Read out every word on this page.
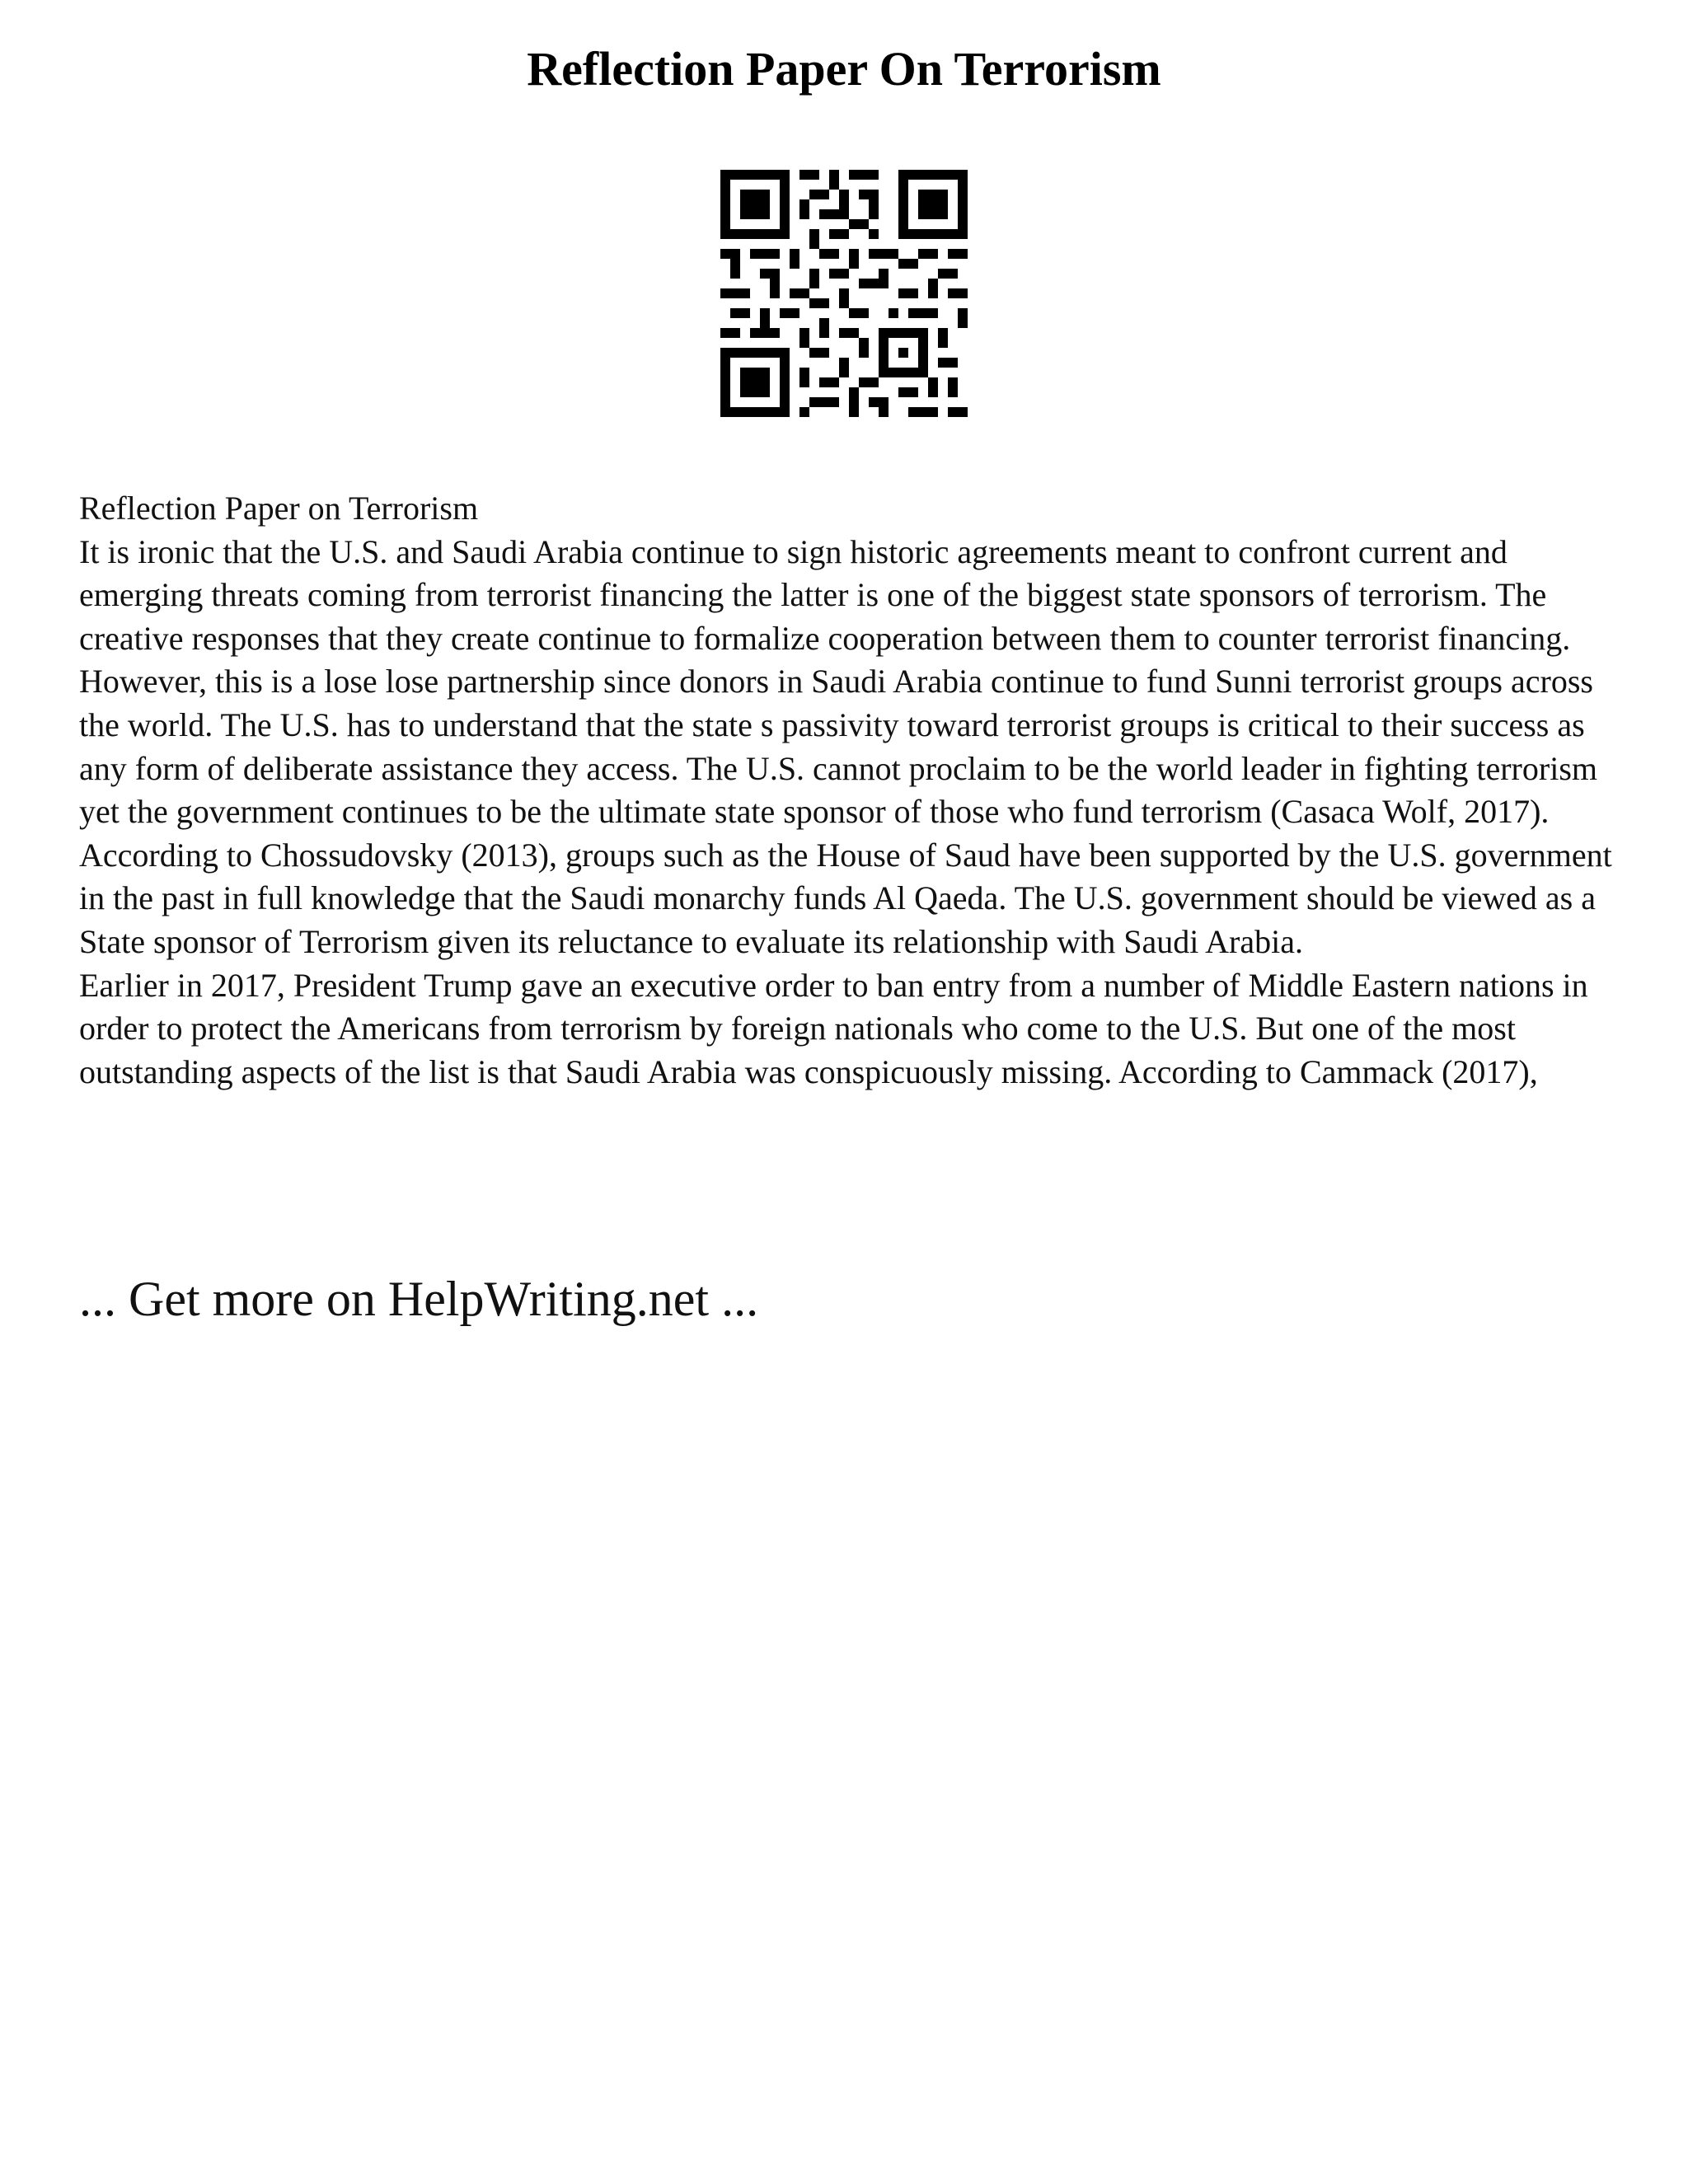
Reflection Paper On Terrorism

Reflection Paper on Terrorism

It is ironic that the U.S. and Saudi Arabia continue to sign historic agreements meant to confront current and emerging threats coming from terrorist financing the latter is one of the biggest state sponsors of terrorism. The creative responses that they create continue to formalize cooperation between them to counter terrorist financing. However, this is a lose lose partnership since donors in Saudi Arabia continue to fund Sunni terrorist groups across the world. The U.S. has to understand that the state s passivity toward terrorist groups is critical to their success as any form of deliberate assistance they access. The U.S. cannot proclaim to be the world leader in fighting terrorism yet the government continues to be the ultimate state sponsor of those who fund terrorism (Casaca Wolf, 2017). According to Chossudovsky (2013), groups such as the House of Saud have been supported by the U.S. government in the past in full knowledge that the Saudi monarchy funds Al Qaeda. The U.S. government should be viewed as a State sponsor of Terrorism given its reluctance to evaluate its relationship with Saudi Arabia.

Earlier in 2017, President Trump gave an executive order to ban entry from a number of Middle Eastern nations in order to protect the Americans from terrorism by foreign nationals who come to the U.S. But one of the most outstanding aspects of the list is that Saudi Arabia was conspicuously missing. According to Cammack (2017),

... Get more on HelpWriting.net ...
